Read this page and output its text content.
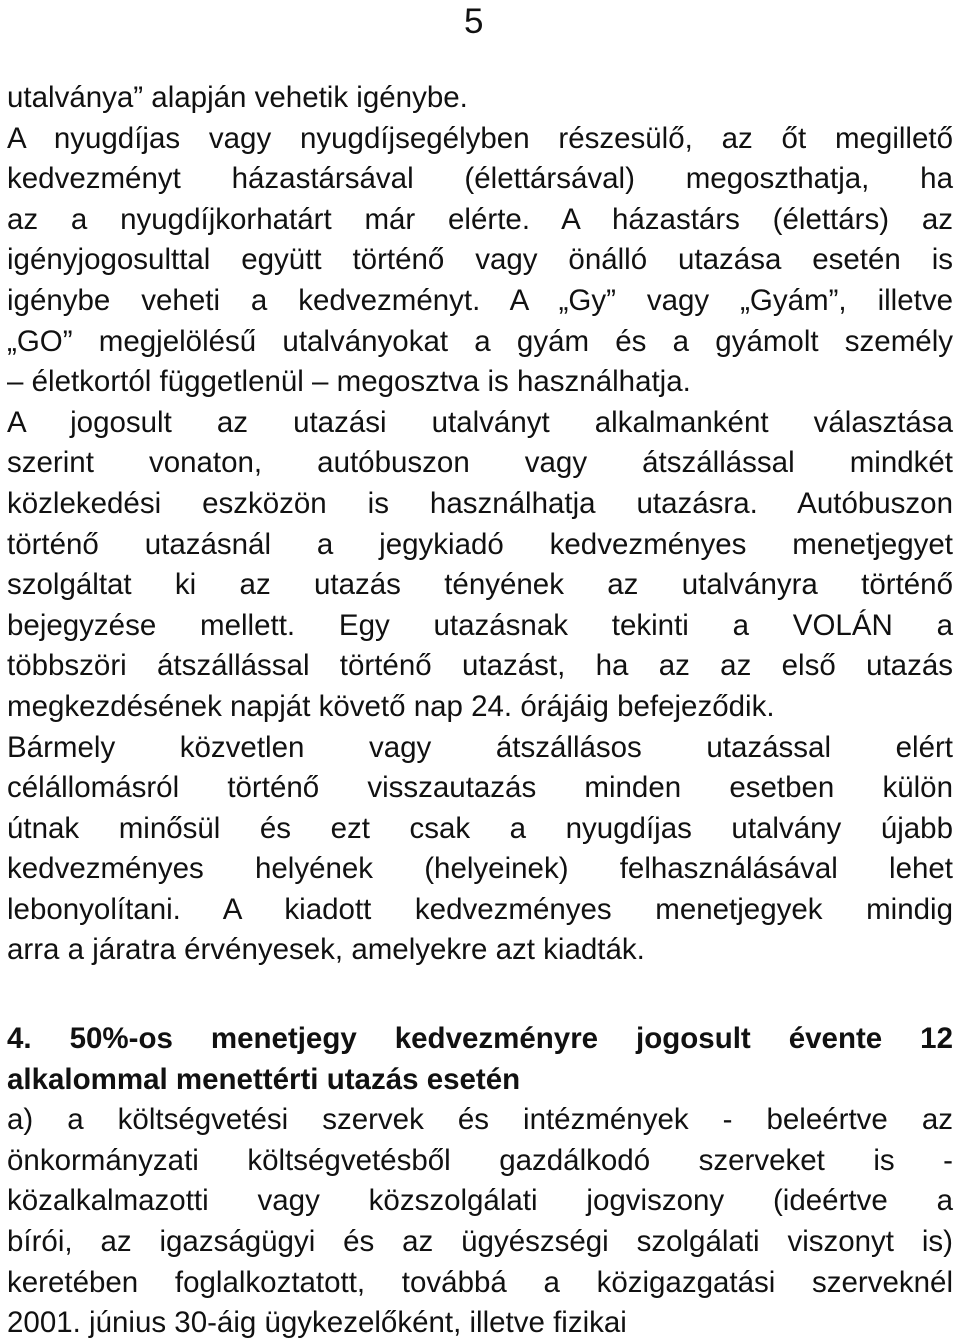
5
utalványa” alapján vehetik igénybe.
A nyugdíjas vagy nyugdíjsegélyben részesülő, az őt megillető
kedvezményt házastársával (élettársával) megoszthatja, ha
az a nyugdíjkorhatárt már elérte. A házastárs (élettárs) az
igényjogosulttal együtt történő vagy önálló utazása esetén is
igénybe veheti a kedvezményt. A „Gy” vagy „Gyám”, illetve
„GO” megjelölésű utalványokat a gyám és a gyámolt személy
– életkortól függetlenül – megosztva is használhatja.
A jogosult az utazási utalványt alkalmanként választása
szerint vonaton, autóbuszon vagy átszállással mindkét
közlekedési eszközön is használhatja utazásra. Autóbuszon
történő utazásnál a jegykiadó kedvezményes menetjegyet
szolgáltat ki az utazás tényének az utalványra történő
bejegyzése mellett. Egy utazásnak tekinti a VOLÁN a
többszöri átszállással történő utazást, ha az az első utazás
megkezdésének napját követő nap 24. órájáig befejeződik.
Bármely közvetlen vagy átszállásos utazással elért
célállomásról történő visszautazás minden esetben külön
útnak minősül és ezt csak a nyugdíjas utalvány újabb
kedvezményes helyének (helyeinek) felhasználásával lehet
lebonyolítani. A kiadott kedvezményes menetjegyek mindig
arra a járatra érvényesek, amelyekre azt kiadták.
4. 50%-os menetjegy kedvezményre jogosult évente 12
alkalommal menettérti utazás esetén
a) a költségvetési szervek és intézmények - beleértve az
önkormányzati költségvetésből gazdálkodó szerveket is -
közalkalmazotti vagy közszolgálati jogviszony (ideértve a
bírói, az igazságügyi és az ügyészségi szolgálati viszonyt is)
keretében foglalkoztatott, továbbá a közigazgatási szerveknél
2001. június 30-áig ügykezelőként, illetve fizikai
